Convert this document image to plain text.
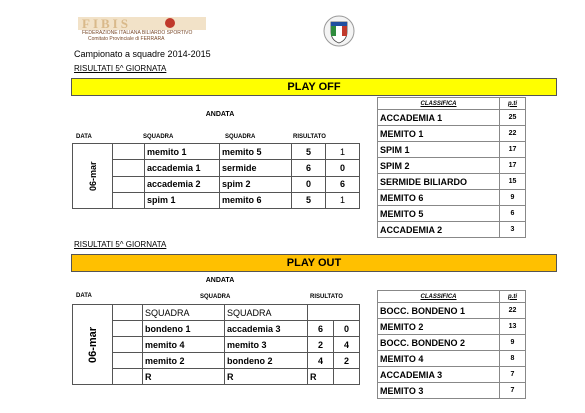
FIBIS
FEDERAZIONE ITALIANA BILIARDO SPORTIVO
Comitato Provinciale di FERRARA
Campionato a squadre 2014-2015
RISULTATI 5^ GIORNATA
PLAY OFF
ANDATA
DATA	SQUADRA	SQUADRA	RISULTATO
06-mar		memito 1	memito 5	5	1
		accademia 1	sermide	6	0
		accademia 2	spim 2	0	6
		spim 1	memito 6	5	1
CLASSIFICA	p.ti
ACCADEMIA 1	25
MEMITO 1	22
SPIM 1	17
SPIM 2	17
SERMIDE BILIARDO	15
MEMITO 6	9
MEMITO 5	6
ACCADEMIA 2	3
RISULTATI 5^ GIORNATA
PLAY OUT
ANDATA
DATA	SQUADRA	RISULTATO
06-mar		SQUADRA	SQUADRA		
		bondeno 1	accademia 3	6	0
		memito 4	memito 3	2	4
		memito 2	bondeno 2	4	2
		R	R	R	
CLASSIFICA	p.ti
BOCC. BONDENO 1	22
MEMITO 2	13
BOCC. BONDENO 2	9
MEMITO 4	8
ACCADEMIA 3	7
MEMITO 3	7
